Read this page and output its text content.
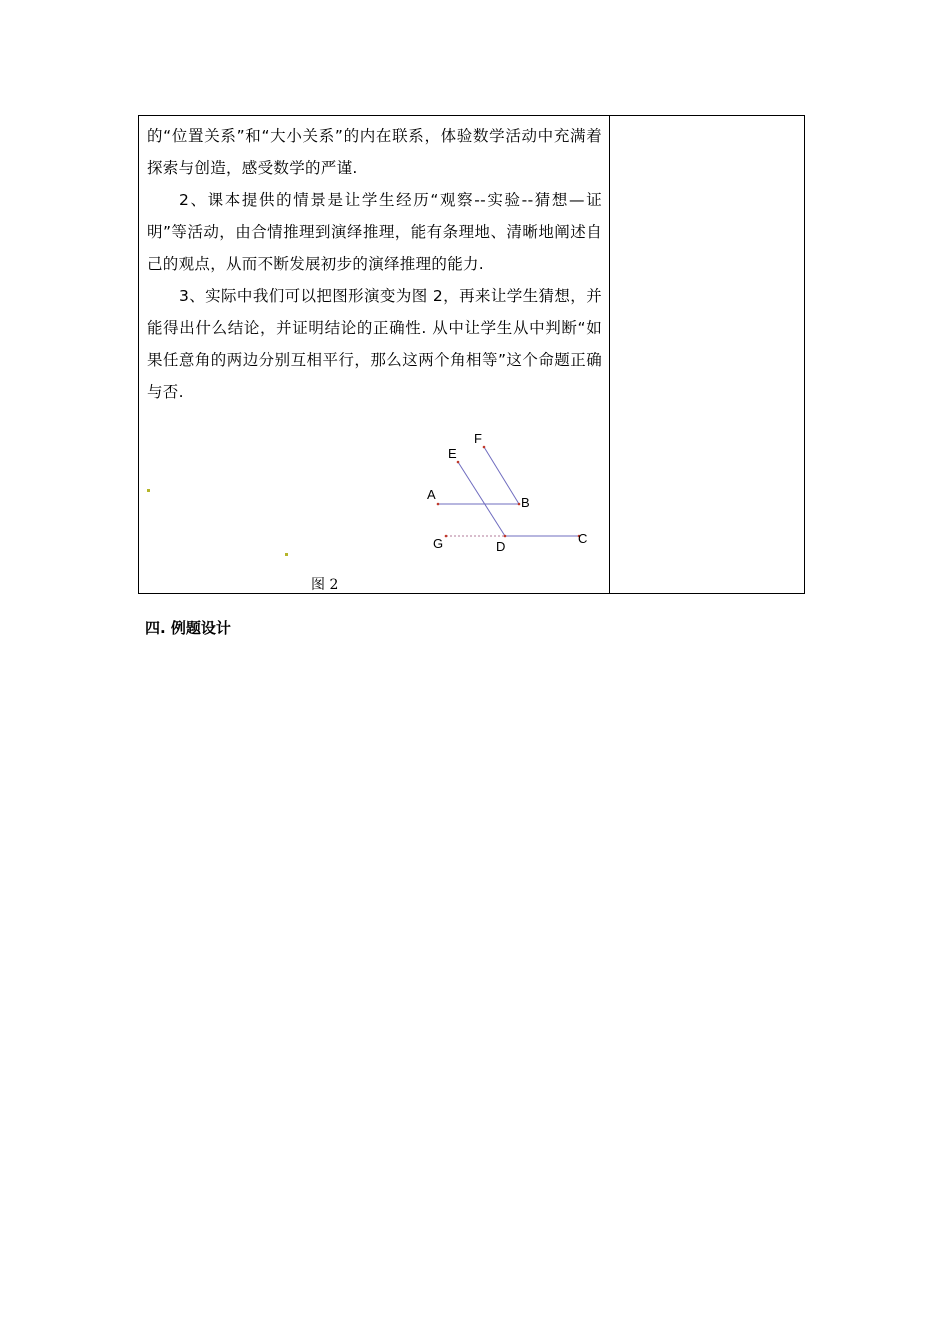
的“位置关系”和“大小关系”的内在联系，体验数学活动中充满着探索与创造，感受数学的严谨.

2、课本提供的情景是让学生经历“观察--实验--猜想—证明”等活动，由合情推理到演绎推理，能有条理地、清晰地阐述自己的观点，从而不断发展初步的演绎推理的能力.

3、实际中我们可以把图形演变为图 2，再来让学生猜想，并能得出什么结论，并证明结论的正确性. 从中让学生从中判断“如果任意角的两边分别互相平行，那么这两个角相等”这个命题正确与否.

A
B
C
D
E
F
G
图 2
四. 例题设计
